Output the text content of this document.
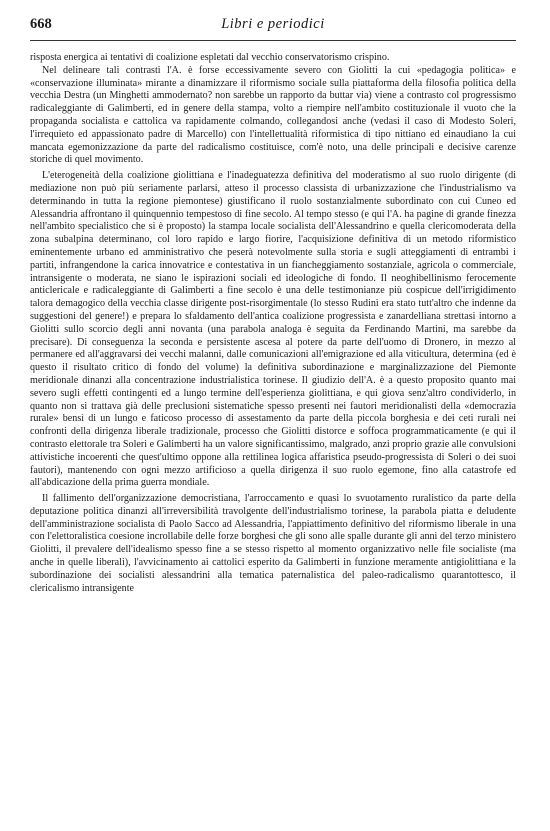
668	Libri e periodici

risposta energica ai tentativi di coalizione espletati dal vecchio conservatorismo crispino.

Nel delineare tali contrasti l'A. è forse eccessivamente severo con Giolitti la cui «pedagogia politica» e «conservazione illuminata» mirante a dinamizzare il riformismo sociale sulla piattaforma della filosofia politica della vecchia Destra (un Minghetti ammodernato? non sarebbe un rapporto da buttar via) viene a contrasto col progressismo radicaleggiante di Galimberti, ed in genere della stampa, volto a riempire nell'ambito costituzionale il vuoto che la propaganda socialista e cattolica va rapidamente colmando, collegandosi anche (vedasi il caso di Modesto Soleri, l'irrequieto ed appassionato padre di Marcello) con l'intellettualità riformistica di tipo nittiano ed einaudiano la cui mancata egemonizzazione da parte del radicalismo costituisce, com'è noto, una delle principali e decisive carenze storiche di quel movimento.

L'eterogeneità della coalizione giolittiana e l'inadeguatezza definitiva del moderatismo al suo ruolo dirigente (di mediazione non può più seriamente parlarsi, atteso il processo classista di urbanizzazione che l'industrialismo va determinando in tutta la regione piemontese) giustificano il ruolo sostanzialmente subordinato con cui Cuneo ed Alessandria affrontano il quinquennio tempestoso di fine secolo. Al tempo stesso (e qui l'A. ha pagine di grande finezza nell'ambito specialistico che si è proposto) la stampa locale socialista dell'Alessandrino e quella clericomoderata della zona subalpina determinano, col loro rapido e largo fiorire, l'acquisizione definitiva di un metodo riformistico eminentemente urbano ed amministrativo che peserà notevolmente sulla storia e sugli atteggiamenti di entrambi i partiti, infrangendone la carica innovatrice e contestativa in un fiancheggiamento sostanziale, agricola o commerciale, intransigente o moderata, ne siano le ispirazioni sociali ed ideologiche di fondo. Il neoghibellinismo ferocemente anticlericale e radicaleggiante di Galimberti a fine secolo è una delle testimonianze più cospicue dell'irrigidimento talora demagogico della vecchia classe dirigente post-risorgimentale (lo stesso Rudinì era stato tutt'altro che indenne da suggestioni del genere!) e prepara lo sfaldamento dell'antica coalizione progressista e zanardelliana strettasi intorno a Giolitti sullo scorcio degli anni novanta (una parabola analoga è seguita da Ferdinando Martini, ma sarebbe da precisare). Di conseguenza la seconda e persistente ascesa al potere da parte dell'uomo di Dronero, in mezzo al permanere ed all'aggravarsi dei vecchi malanni, dalle comunicazioni all'emigrazione ed alla viticultura, determina (ed è questo il risultato critico di fondo del volume) la definitiva subordinazione e marginalizzazione del Piemonte meridionale dinanzi alla concentrazione industrialistica torinese. Il giudizio dell'A. è a questo proposito quanto mai severo sugli effetti contingenti ed a lungo termine dell'esperienza giolittiana, e qui giova senz'altro condividerlo, in quanto non si trattava già delle preclusioni sistematiche spesso presenti nei fautori meridionalisti della «democrazia rurale» bensì di un lungo e faticoso processo di assestamento da parte della piccola borghesia e dei ceti rurali nei confronti della dirigenza liberale tradizionale, processo che Giolitti distorce e soffoca programmaticamente (e qui il contrasto elettorale tra Soleri e Galimberti ha un valore significantissimo, malgrado, anzi proprio grazie alle convulsioni attivistiche incoerenti che quest'ultimo oppone alla rettilinea logica affaristica pseudo-progressista di Soleri o dei suoi fautori), mantenendo con ogni mezzo artificioso a quella dirigenza il suo ruolo egemone, fino alla catastrofe ed all'abdicazione della prima guerra mondiale.

Il fallimento dell'organizzazione democristiana, l'arroccamento e quasi lo svuotamento ruralistico da parte della deputazione politica dinanzi all'irreversibilità travolgente dell'industrialismo torinese, la parabola piatta e deludente dell'amministrazione socialista di Paolo Sacco ad Alessandria, l'appiattimento definitivo del riformismo liberale in una con l'elettoralistica coesione incrollabile delle forze borghesi che gli sono alle spalle durante gli anni del terzo ministero Giolitti, il prevalere dell'idealismo spesso fine a se stesso rispetto al momento organizzativo nelle file socialiste (ma anche in quelle liberali), l'avvicinamento ai cattolici esperito da Galimberti in funzione meramente antigiolittiana e la subordinazione dei socialisti alessandrini alla tematica paternalistica del paleo-radicalismo quarantottesco, il clericalismo intransigente
